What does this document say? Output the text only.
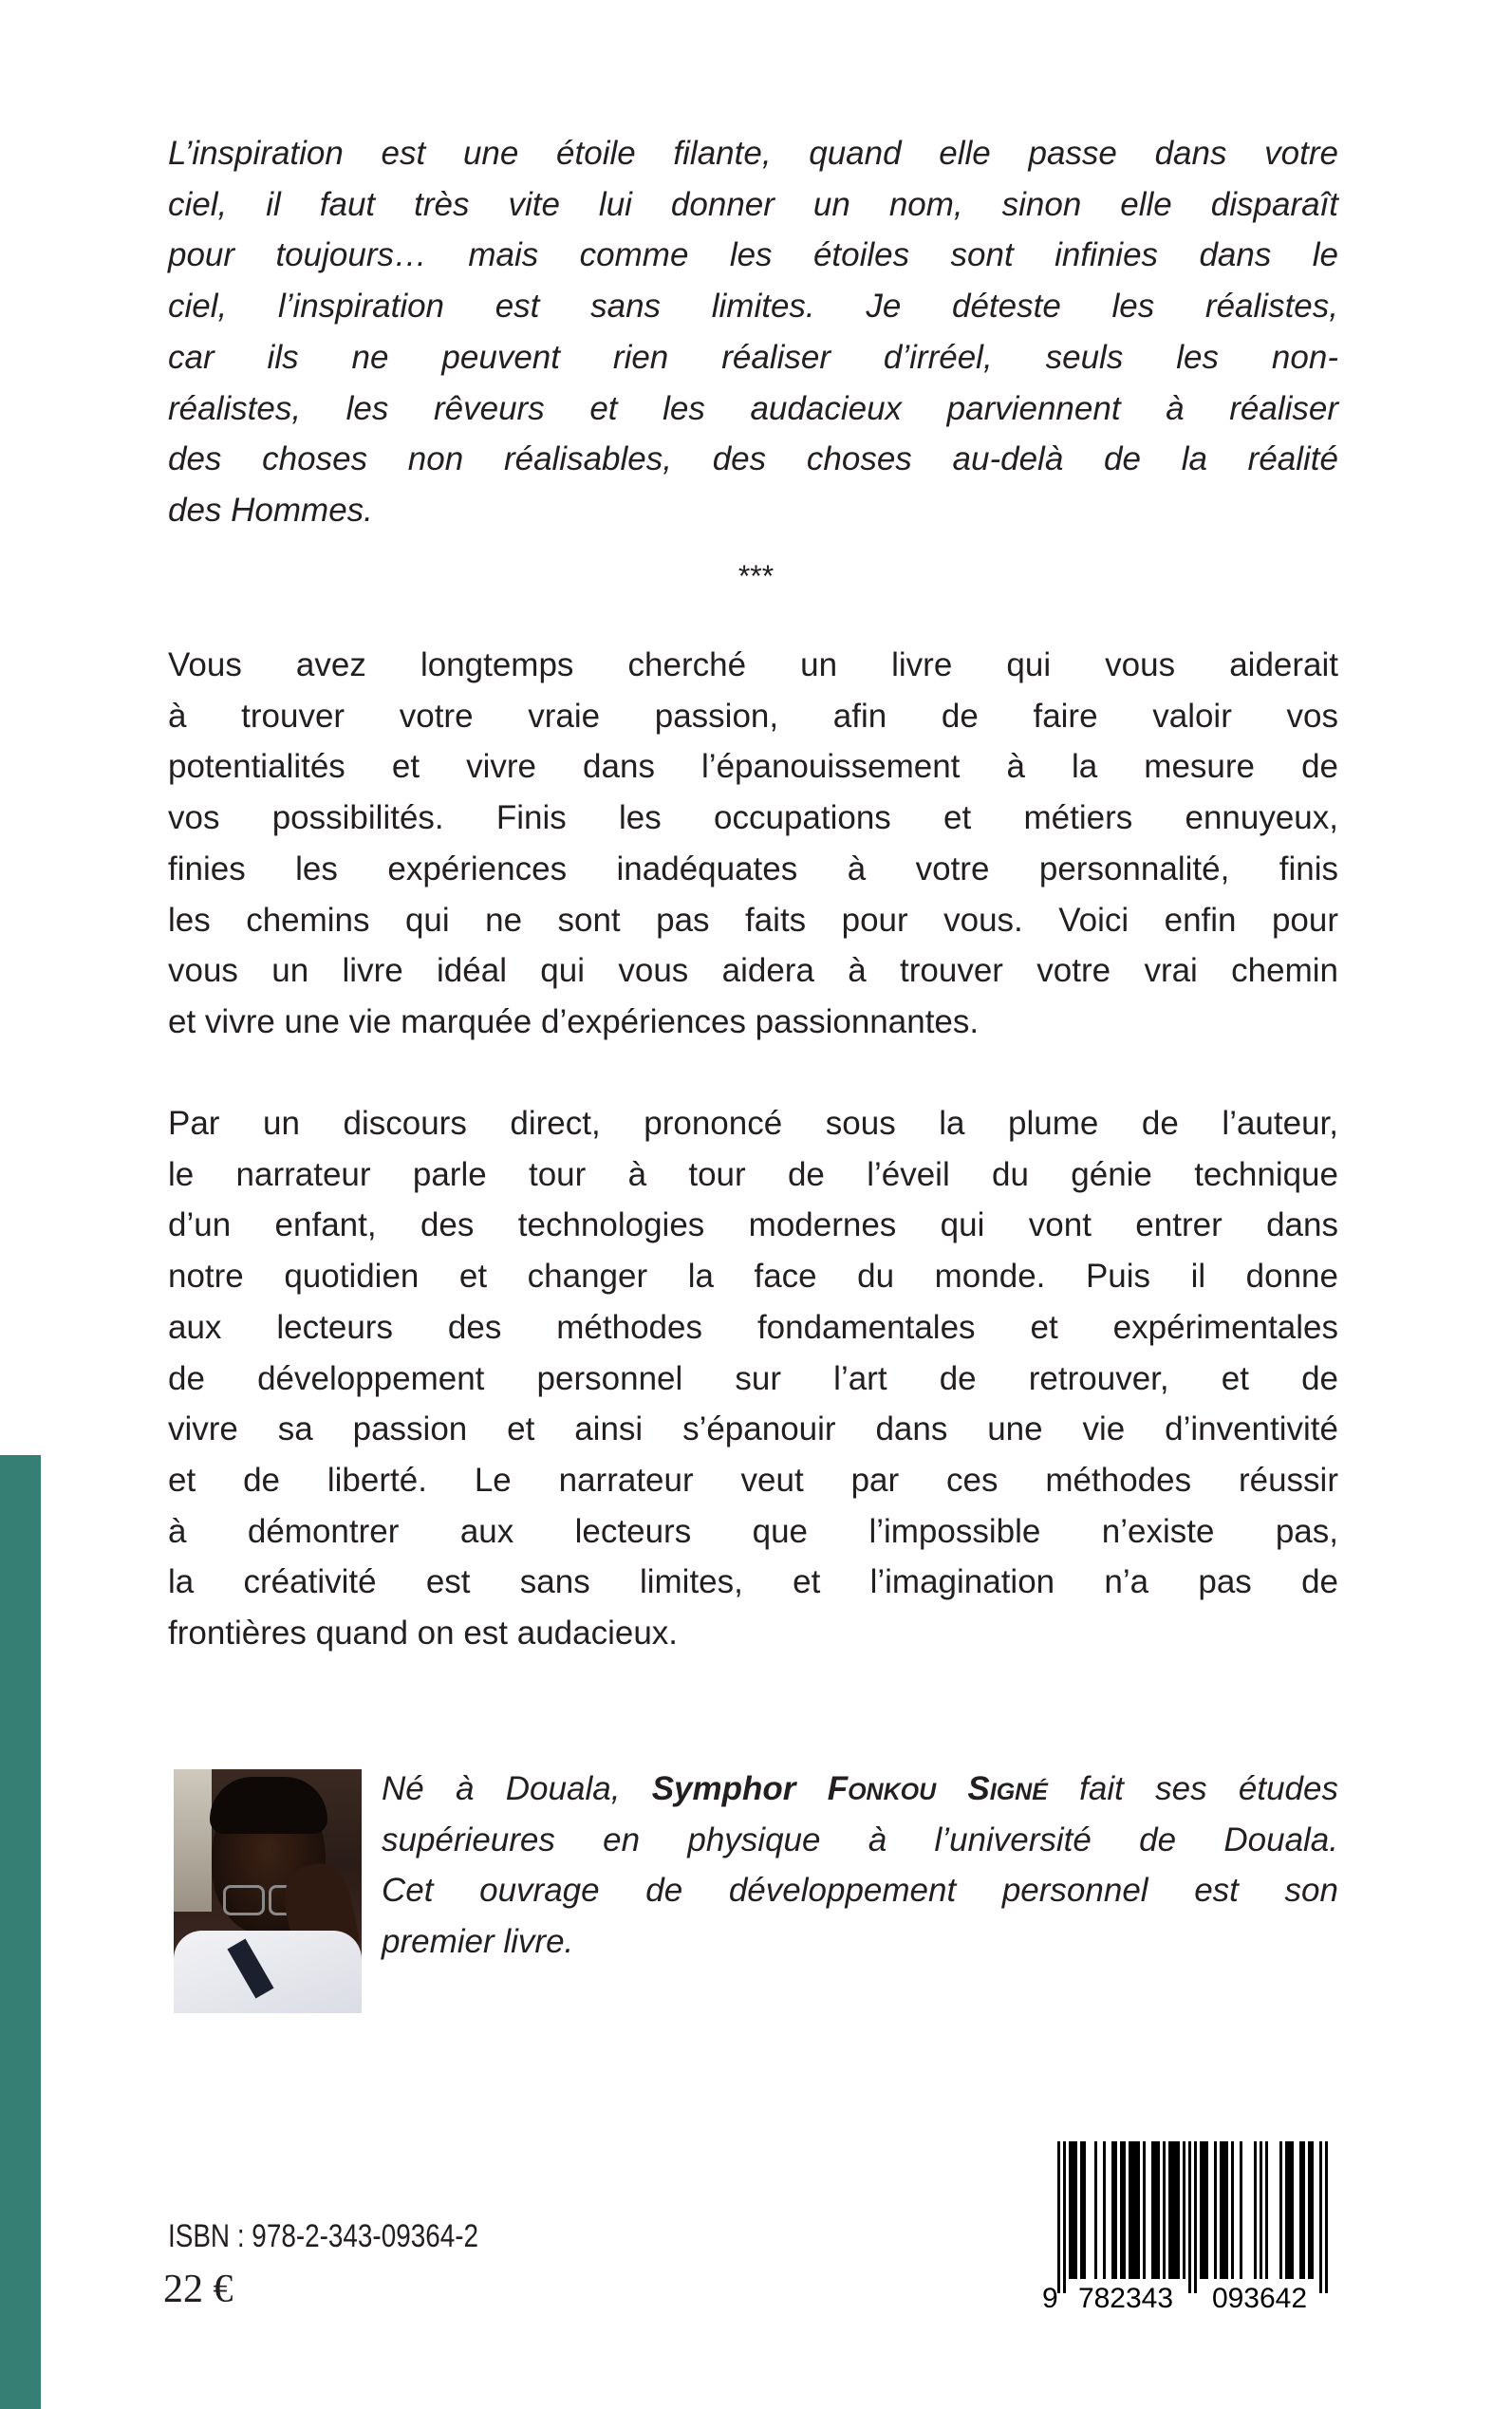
L’inspiration est une étoile filante, quand elle passe dans votre
ciel, il faut très vite lui donner un nom, sinon elle disparaît
pour toujours… mais comme les étoiles sont infinies dans le
ciel, l’inspiration est sans limites. Je déteste les réalistes,
car ils ne peuvent rien réaliser d’irréel, seuls les non-
réalistes, les rêveurs et les audacieux parviennent à réaliser
des choses non réalisables, des choses au-delà de la réalité
des Hommes.
***
Vous avez longtemps cherché un livre qui vous aiderait
à trouver votre vraie passion, afin de faire valoir vos
potentialités et vivre dans l’épanouissement à la mesure de
vos possibilités. Finis les occupations et métiers ennuyeux,
finies les expériences inadéquates à votre personnalité, finis
les chemins qui ne sont pas faits pour vous. Voici enfin pour
vous un livre idéal qui vous aidera à trouver votre vrai chemin
et vivre une vie marquée d’expériences passionnantes.
Par un discours direct, prononcé sous la plume de l’auteur,
le narrateur parle tour à tour de l’éveil du génie technique
d’un enfant, des technologies modernes qui vont entrer dans
notre quotidien et changer la face du monde. Puis il donne
aux lecteurs des méthodes fondamentales et expérimentales
de développement personnel sur l’art de retrouver, et de
vivre sa passion et ainsi s’épanouir dans une vie d’inventivité
et de liberté. Le narrateur veut par ces méthodes réussir
à démontrer aux lecteurs que l’impossible n’existe pas,
la créativité est sans limites, et l’imagination n’a pas de
frontières quand on est audacieux.
Né à Douala, Symphor Fonkou Signé fait ses études
supérieures en physique à l’université de Douala.
Cet ouvrage de développement personnel est son
premier livre.
ISBN : 978-2-343-09364-2
22 €	9 782343 093642
